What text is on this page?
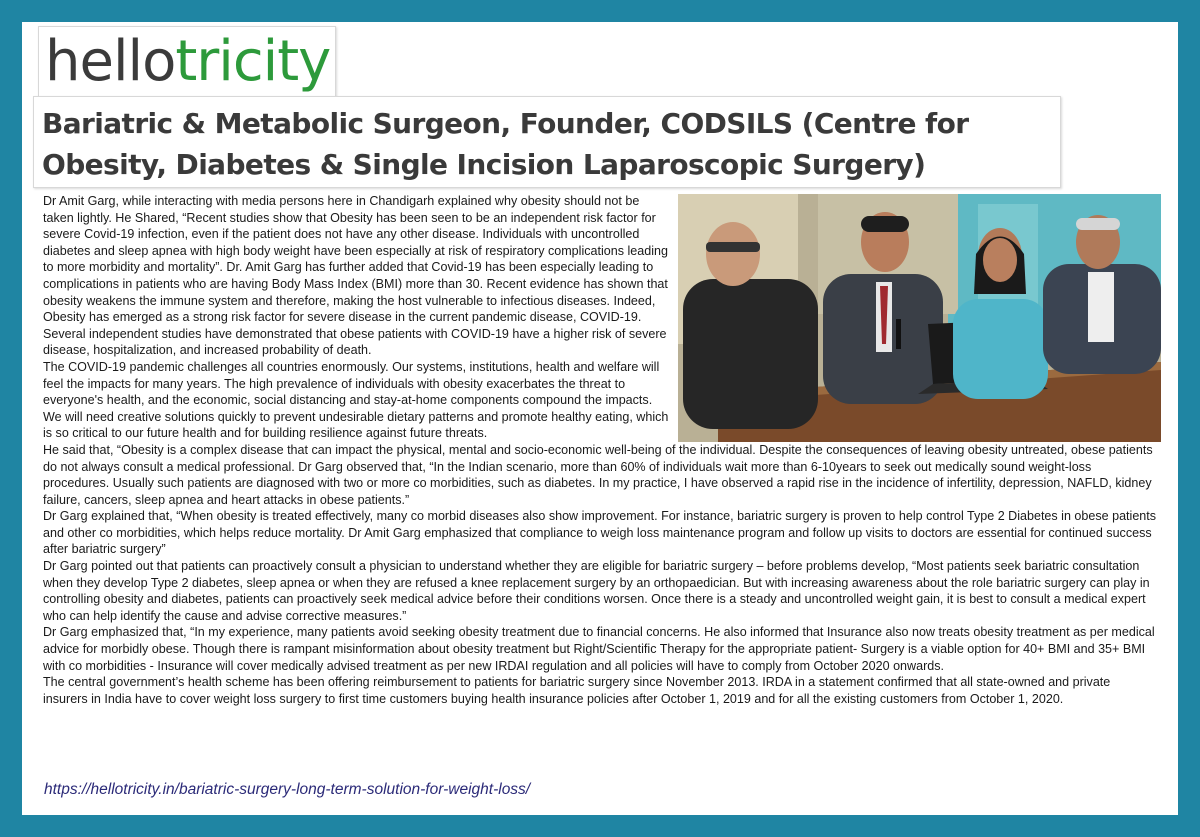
hellotricity
Bariatric & Metabolic Surgeon, Founder, CODSILS (Centre for Obesity, Diabetes & Single Incision Laparoscopic Surgery)

Dr Amit Garg, while interacting with media persons here in Chandigarh explained why obesity should not be taken lightly. He Shared, “Recent studies show that Obesity has been seen to be an independent risk factor for severe Covid-19 infection, even if the patient does not have any other disease. Individuals with uncontrolled diabetes and sleep apnea with high body weight have been especially at risk of respiratory complications leading to more morbidity and mortality”. Dr. Amit Garg has further added that Covid-19 has been especially leading to complications in patients who are having Body Mass Index (BMI) more than 30. Recent evidence has shown that obesity weakens the immune system and therefore, making the host vulnerable to infectious diseases. Indeed, Obesity has emerged as a strong risk factor for severe disease in the current pandemic disease, COVID-19. Several independent studies have demonstrated that obese patients with COVID-19 have a higher risk of severe disease, hospitalization, and increased probability of death.

The COVID-19 pandemic challenges all countries enormously. Our systems, institutions, health and welfare will feel the impacts for many years. The high prevalence of individuals with obesity exacerbates the threat to everyone's health, and the economic, social distancing and stay-at-home components compound the impacts. We will need creative solutions quickly to prevent undesirable dietary patterns and promote healthy eating, which is so critical to our future health and for building resilience against future threats.

He said that, “Obesity is a complex disease that can impact the physical, mental and socio-economic well-being of the individual. Despite the consequences of leaving obesity untreated, obese patients do not always consult a medical professional. Dr Garg observed that, “In the Indian scenario, more than 60% of individuals wait more than 6-10years to seek out medically sound weight-loss procedures. Usually such patients are diagnosed with two or more co morbidities, such as diabetes. In my practice, I have observed a rapid rise in the incidence of infertility, depression, NAFLD, kidney failure, cancers, sleep apnea and heart attacks in obese patients.”

Dr Garg explained that, “When obesity is treated effectively, many co morbid diseases also show improvement. For instance, bariatric surgery is proven to help control Type 2 Diabetes in obese patients and other co morbidities, which helps reduce mortality. Dr Amit Garg emphasized that compliance to weigh loss maintenance program and follow up visits to doctors are essential for continued success after bariatric surgery”

Dr Garg pointed out that patients can proactively consult a physician to understand whether they are eligible for bariatric surgery – before problems develop, “Most patients seek bariatric consultation when they develop Type 2 diabetes, sleep apnea or when they are refused a knee replacement surgery by an orthopaedician. But with increasing awareness about the role bariatric surgery can play in controlling obesity and diabetes, patients can proactively seek medical advice before their conditions worsen. Once there is a steady and uncontrolled weight gain, it is best to consult a medical expert who can help identify the cause and advise corrective measures.”

Dr Garg emphasized that, “In my experience, many patients avoid seeking obesity treatment due to financial concerns. He also informed that Insurance also now treats obesity treatment as per medical advice for morbidly obese. Though there is rampant misinformation about obesity treatment but Right/Scientific Therapy for the appropriate patient- Surgery is a viable option for 40+ BMI and 35+ BMI with co morbidities - Insurance will cover medically advised treatment as per new IRDAI regulation and all policies will have to comply from October 2020 onwards.

The central government’s health scheme has been offering reimbursement to patients for bariatric surgery since November 2013. IRDA in a statement confirmed that all state-owned and private insurers in India have to cover weight loss surgery to first time customers buying health insurance policies after October 1, 2019 and for all the existing customers from October 1, 2020.

https://hellotricity.in/bariatric-surgery-long-term-solution-for-weight-loss/
